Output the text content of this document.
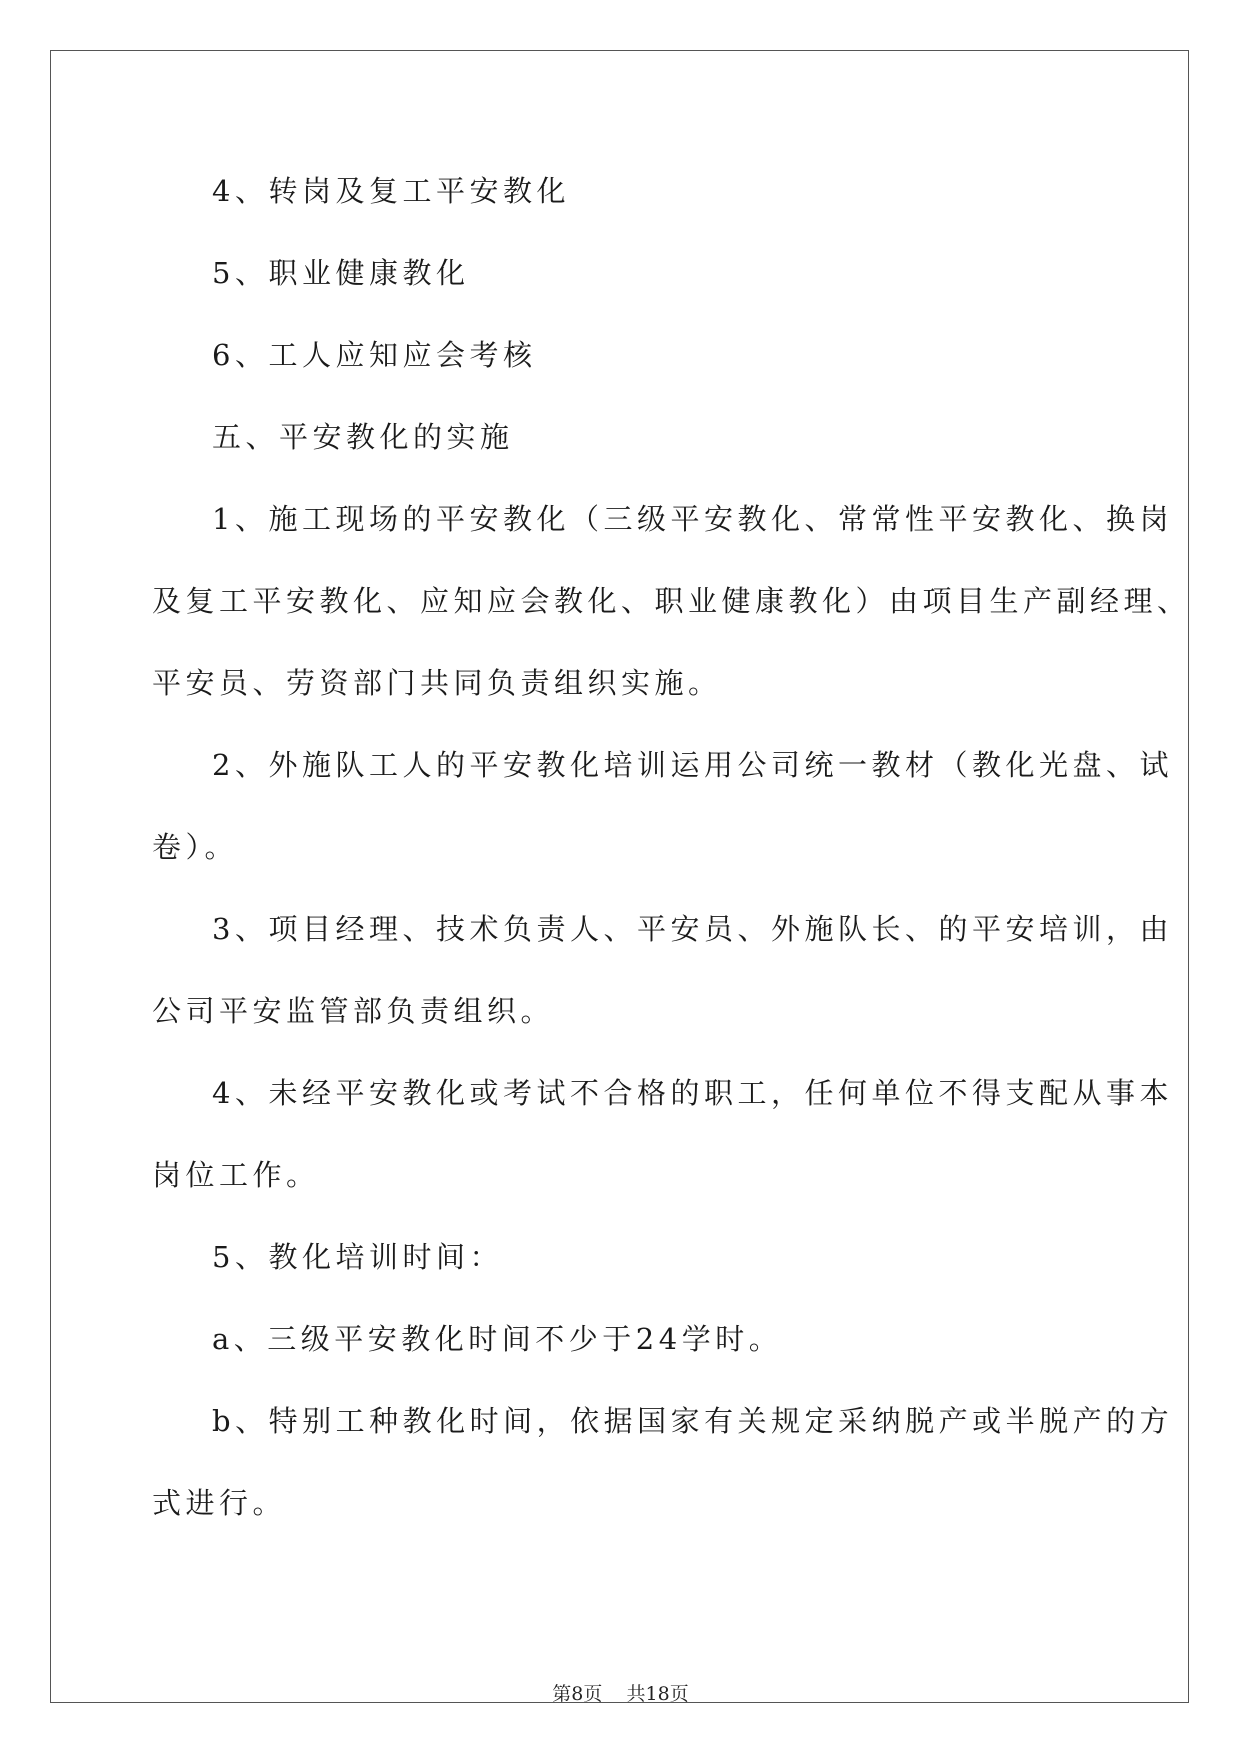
4、转岗及复工平安教化
5、职业健康教化
6、工人应知应会考核
五、平安教化的实施
1、施工现场的平安教化（三级平安教化、常常性平安教化、换岗
及复工平安教化、应知应会教化、职业健康教化）由项目生产副经理、
平安员、劳资部门共同负责组织实施。
2、外施队工人的平安教化培训运用公司统一教材（教化光盘、试
卷）。
3、项目经理、技术负责人、平安员、外施队长、的平安培训，由
公司平安监管部负责组织。
4、未经平安教化或考试不合格的职工，任何单位不得支配从事本
岗位工作。
5、教化培训时间：
a、三级平安教化时间不少于24学时。
b、特别工种教化时间，依据国家有关规定采纳脱产或半脱产的方
式进行。
第8页 共18页
